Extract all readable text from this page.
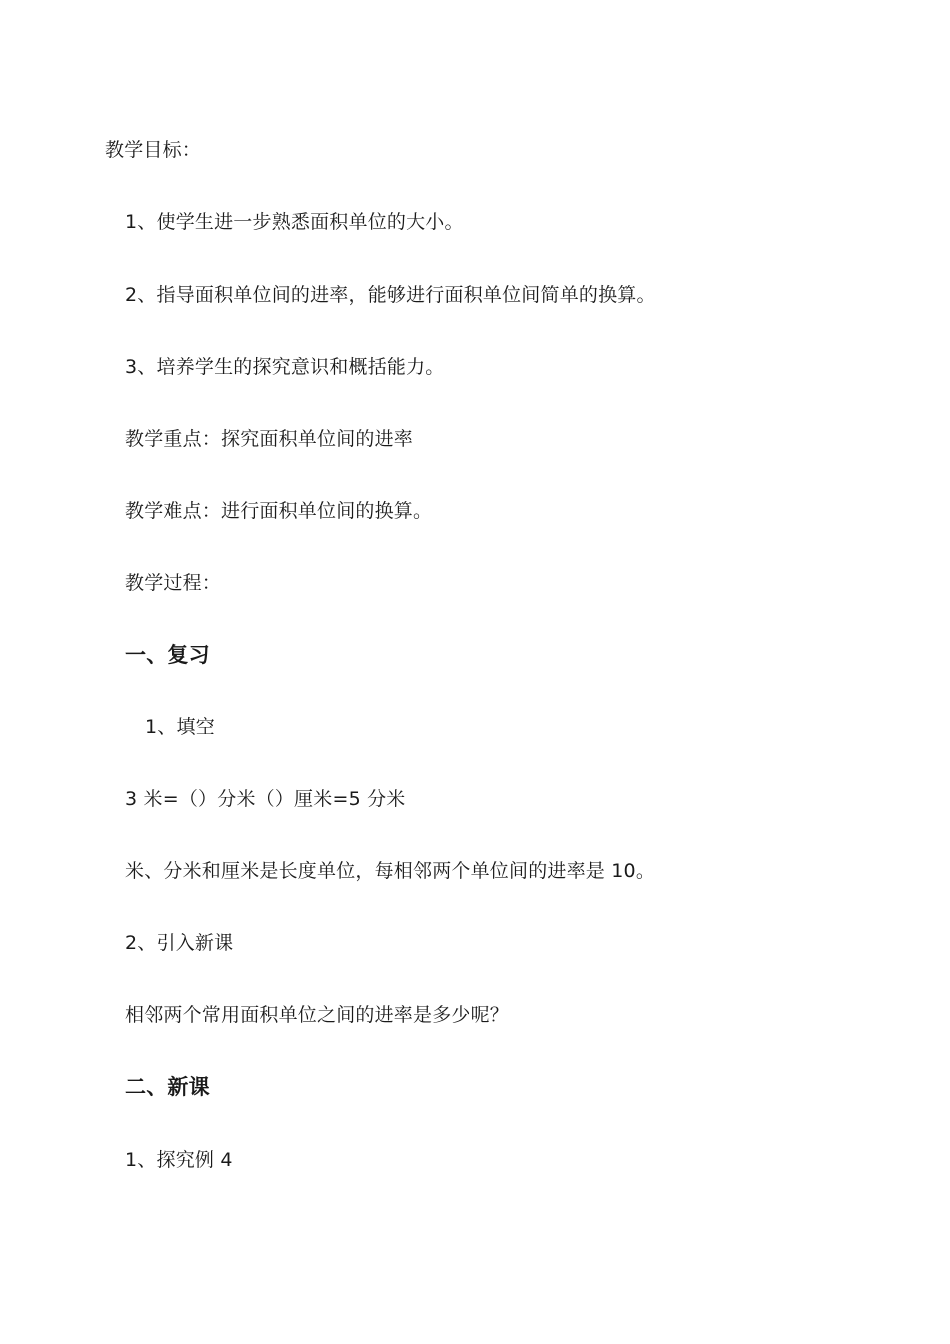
教学目标：
1、使学生进一步熟悉面积单位的大小。
2、指导面积单位间的进率，能够进行面积单位间简单的换算。
3、培养学生的探究意识和概括能力。
教学重点：探究面积单位间的进率
教学难点：进行面积单位间的换算。
教学过程：
一、复习
1、填空
3 米=（）分米（）厘米=5 分米
米、分米和厘米是长度单位，每相邻两个单位间的进率是 10。
2、引入新课
相邻两个常用面积单位之间的进率是多少呢？
二、新课
1、探究例 4
